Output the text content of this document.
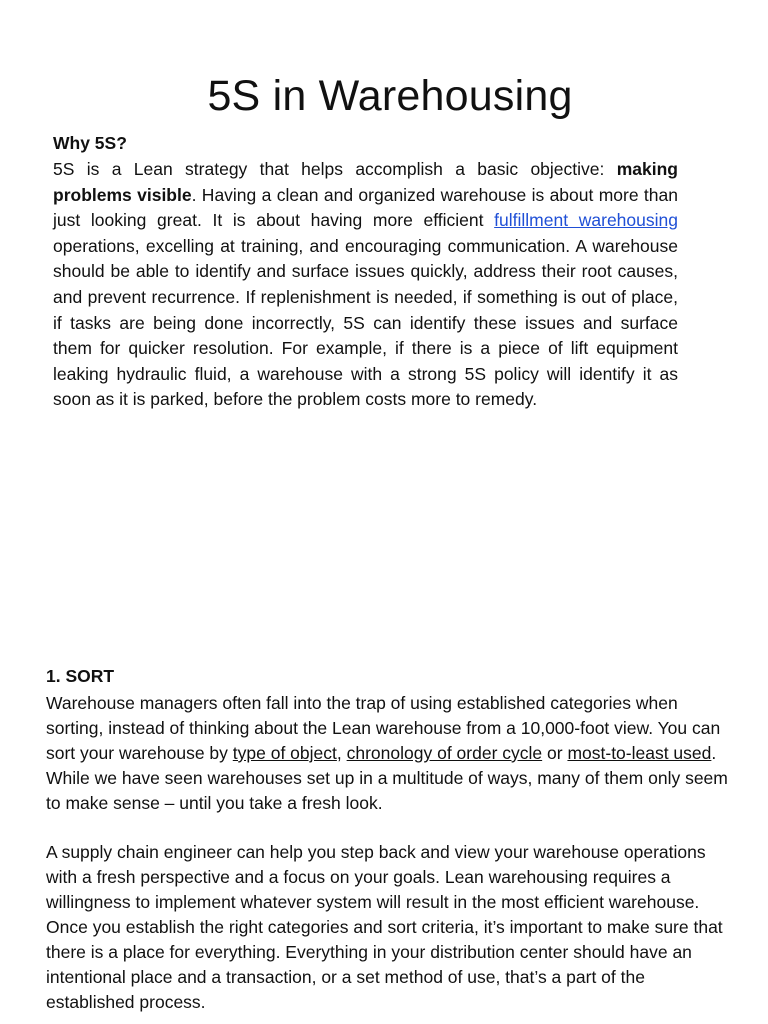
5S in Warehousing
Why 5S?

5S is a Lean strategy that helps accomplish a basic objective: making problems visible. Having a clean and organized warehouse is about more than just looking great. It is about having more efficient fulfillment warehousing operations, excelling at training, and encouraging communication. A warehouse should be able to identify and surface issues quickly, address their root causes, and prevent recurrence. If replenishment is needed, if something is out of place, if tasks are being done incorrectly, 5S can identify these issues and surface them for quicker resolution. For example, if there is a piece of lift equipment leaking hydraulic fluid, a warehouse with a strong 5S policy will identify it as soon as it is parked, before the problem costs more to remedy.

1. SORT

Warehouse managers often fall into the trap of using established categories when sorting, instead of thinking about the Lean warehouse from a 10,000-foot view. You can sort your warehouse by type of object, chronology of order cycle or most-to-least used. While we have seen warehouses set up in a multitude of ways, many of them only seem to make sense – until you take a fresh look.

A supply chain engineer can help you step back and view your warehouse operations with a fresh perspective and a focus on your goals. Lean warehousing requires a willingness to implement whatever system will result in the most efficient warehouse. Once you establish the right categories and sort criteria, it’s important to make sure that there is a place for everything. Everything in your distribution center should have an intentional place and a transaction, or a set method of use, that’s a part of the established process.
